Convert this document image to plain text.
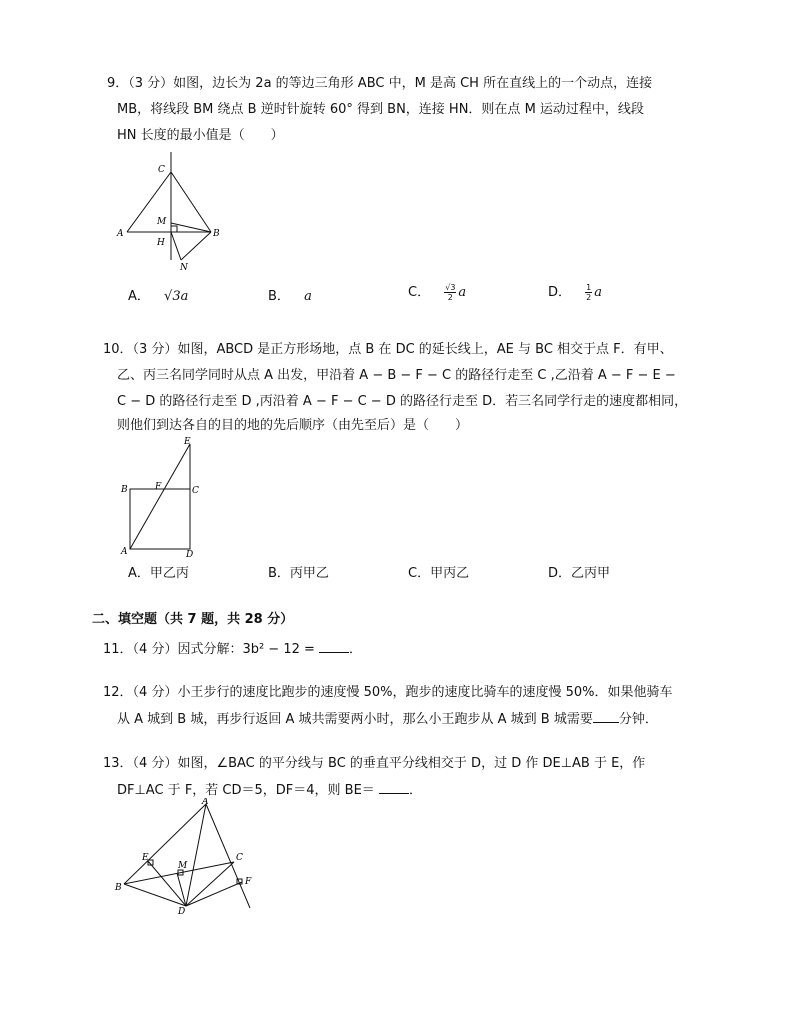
9．（3 分）如图，边长为 2a 的等边三角形 ABC 中，M 是高 CH 所在直线上的一个动点，连接
MB，将线段 BM 绕点 B 逆时针旋转 60° 得到 BN，连接 HN．则在点 M 运动过程中，线段
HN 长度的最小值是（　　）
C
M
A
H
B
N
A． √3a	B． a	C． $\frac{√3}{2}$ a	D． $\frac{1}{2}$ a
10．（3 分）如图，ABCD 是正方形场地，点 B 在 DC 的延长线上，AE 与 BC 相交于点 F．有甲、
乙、丙三名同学同时从点 A 出发，甲沿着 A − B − F − C 的路径行走至 C ,乙沿着 A − F − E −
C − D 的路径行走至 D ,丙沿着 A − F − C − D 的路径行走至 D．若三名同学行走的速度都相同，
则他们到达各自的目的地的先后顺序（由先至后）是（　　）
E
B	F	C
A	D
A．甲乙丙	B．丙甲乙	C．甲丙乙	D．乙丙甲
二、填空题（共 7 题，共 28 分）
11．（4 分）因式分解：3b² − 12 = ．
12．（4 分）小王步行的速度比跑步的速度慢 50%，跑步的速度比骑车的速度慢 50%．如果他骑车
从 A 城到 B 城，再步行返回 A 城共需要两小时，那么小王跑步从 A 城到 B 城需要 分钟．
13．（4 分）如图，∠BAC 的平分线与 BC 的垂直平分线相交于 D，过 D 作 DE⊥AB 于 E，作
DF⊥AC 于 F，若 CD＝5，DF＝4，则 BE＝ ．
A
E
M
C
B
F
D
